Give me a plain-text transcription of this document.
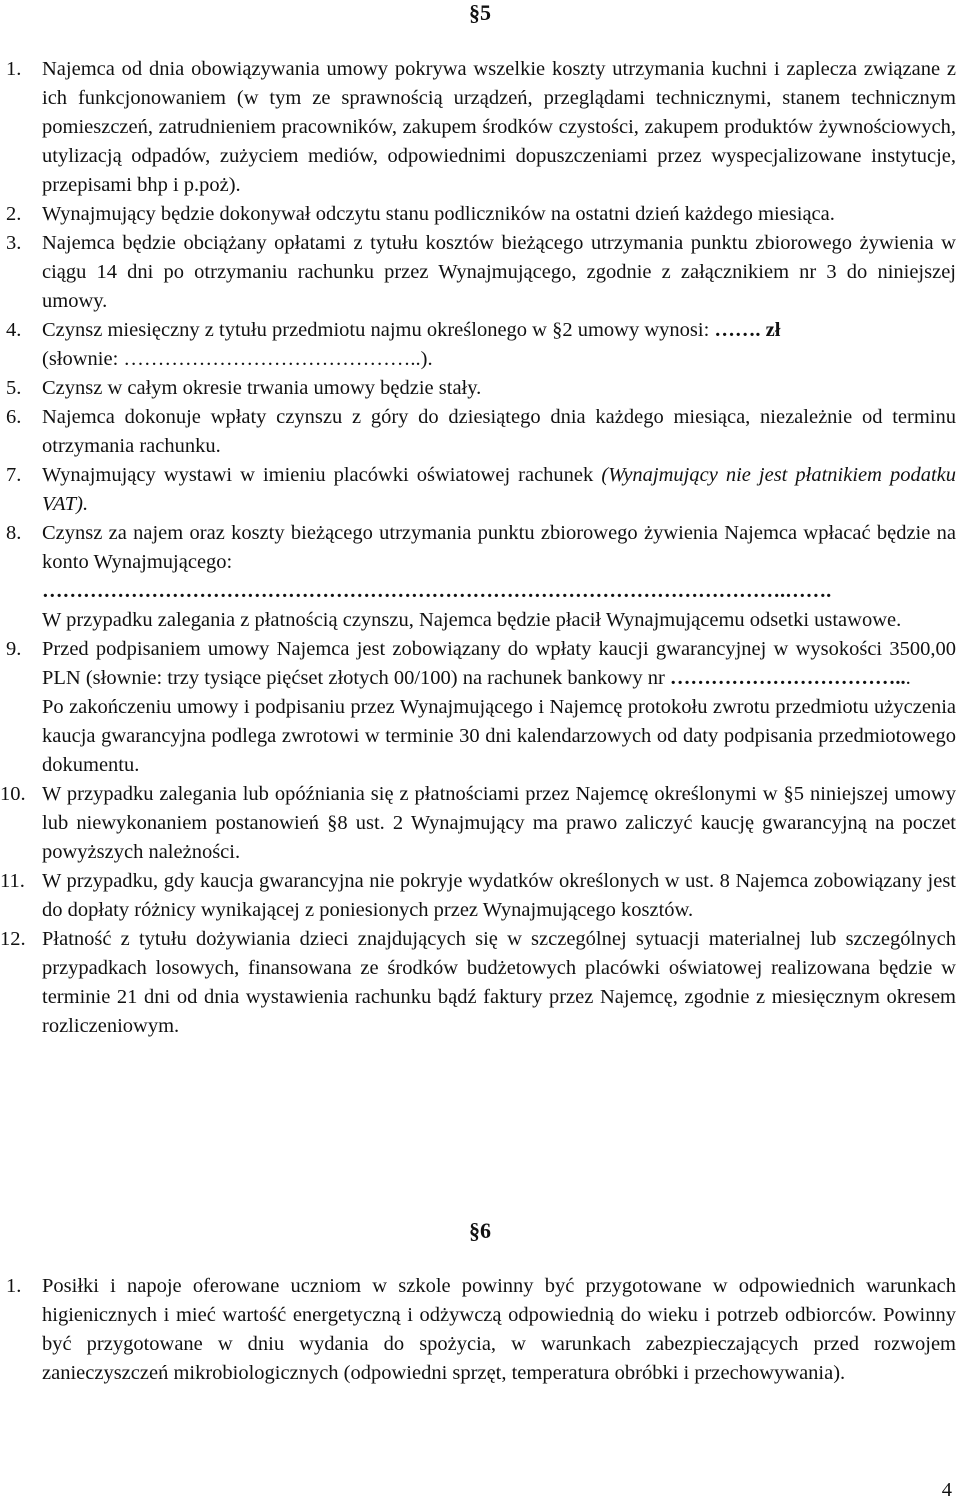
§5
1.	Najemca od dnia obowiązywania umowy pokrywa wszelkie koszty utrzymania kuchni i zaplecza związane z ich funkcjonowaniem (w tym ze sprawnością urządzeń, przeglądami technicznymi, stanem technicznym pomieszczeń, zatrudnieniem pracowników, zakupem środków czystości, zakupem produktów żywnościowych, utylizacją odpadów, zużyciem mediów, odpowiednimi dopuszczeniami przez wyspecjalizowane instytucje, przepisami bhp i p.poż).

2.	Wynajmujący będzie dokonywał odczytu stanu podliczników na ostatni dzień każdego miesiąca.

3.	Najemca będzie obciążany opłatami z tytułu kosztów bieżącego utrzymania punktu zbiorowego żywienia w ciągu 14 dni po otrzymaniu rachunku przez Wynajmującego, zgodnie z załącznikiem nr 3 do niniejszej umowy.

4.	Czynsz miesięczny z tytułu przedmiotu najmu określonego w §2 umowy wynosi: ……. zł
(słownie: ……………………………………..).

5.	Czynsz w całym okresie trwania umowy będzie stały.

6.	Najemca dokonuje wpłaty czynszu z góry do dziesiątego dnia każdego miesiąca, niezależnie od terminu otrzymania rachunku.

7.	Wynajmujący wystawi w imieniu placówki oświatowej rachunek (Wynajmujący nie jest płatnikiem podatku VAT).

8.	Czynsz za najem oraz koszty bieżącego utrzymania punktu zbiorowego żywienia Najemca wpłacać będzie na konto Wynajmującego:

……………………………………………………………………………………………….…….

W przypadku zalegania z płatnością czynszu, Najemca będzie płacił Wynajmującemu odsetki ustawowe.

9.	Przed podpisaniem umowy Najemca jest zobowiązany do wpłaty kaucji gwarancyjnej w wysokości 3500,00 PLN (słownie: trzy tysiące pięćset złotych 00/100) na rachunek bankowy nr ……………………………...

Po zakończeniu umowy i podpisaniu przez Wynajmującego i Najemcę protokołu zwrotu przedmiotu użyczenia kaucja gwarancyjna podlega zwrotowi w terminie 30 dni kalendarzowych od daty podpisania przedmiotowego dokumentu.

10. W przypadku zalegania lub opóźniania się z płatnościami przez Najemcę określonymi w §5 niniejszej umowy lub niewykonaniem postanowień §8 ust. 2 Wynajmujący ma prawo zaliczyć kaucję gwarancyjną na poczet powyższych należności.

11. W przypadku, gdy kaucja gwarancyjna nie pokryje wydatków określonych w ust. 8 Najemca zobowiązany jest do dopłaty różnicy wynikającej z poniesionych przez Wynajmującego kosztów.

12. Płatność z tytułu dożywiania dzieci znajdujących się w szczególnej sytuacji materialnej lub szczególnych przypadkach losowych, finansowana ze środków budżetowych placówki oświatowej realizowana będzie w terminie 21 dni od dnia wystawienia rachunku bądź faktury przez Najemcę, zgodnie z miesięcznym okresem rozliczeniowym.

§6
1.	Posiłki i napoje oferowane uczniom w szkole powinny być przygotowane w odpowiednich warunkach higienicznych i mieć wartość energetyczną i odżywczą odpowiednią do wieku i potrzeb odbiorców. Powinny być przygotowane w dniu wydania do spożycia, w warunkach zabezpieczających przed rozwojem zanieczyszczeń mikrobiologicznych (odpowiedni sprzęt, temperatura obróbki i przechowywania).

4
